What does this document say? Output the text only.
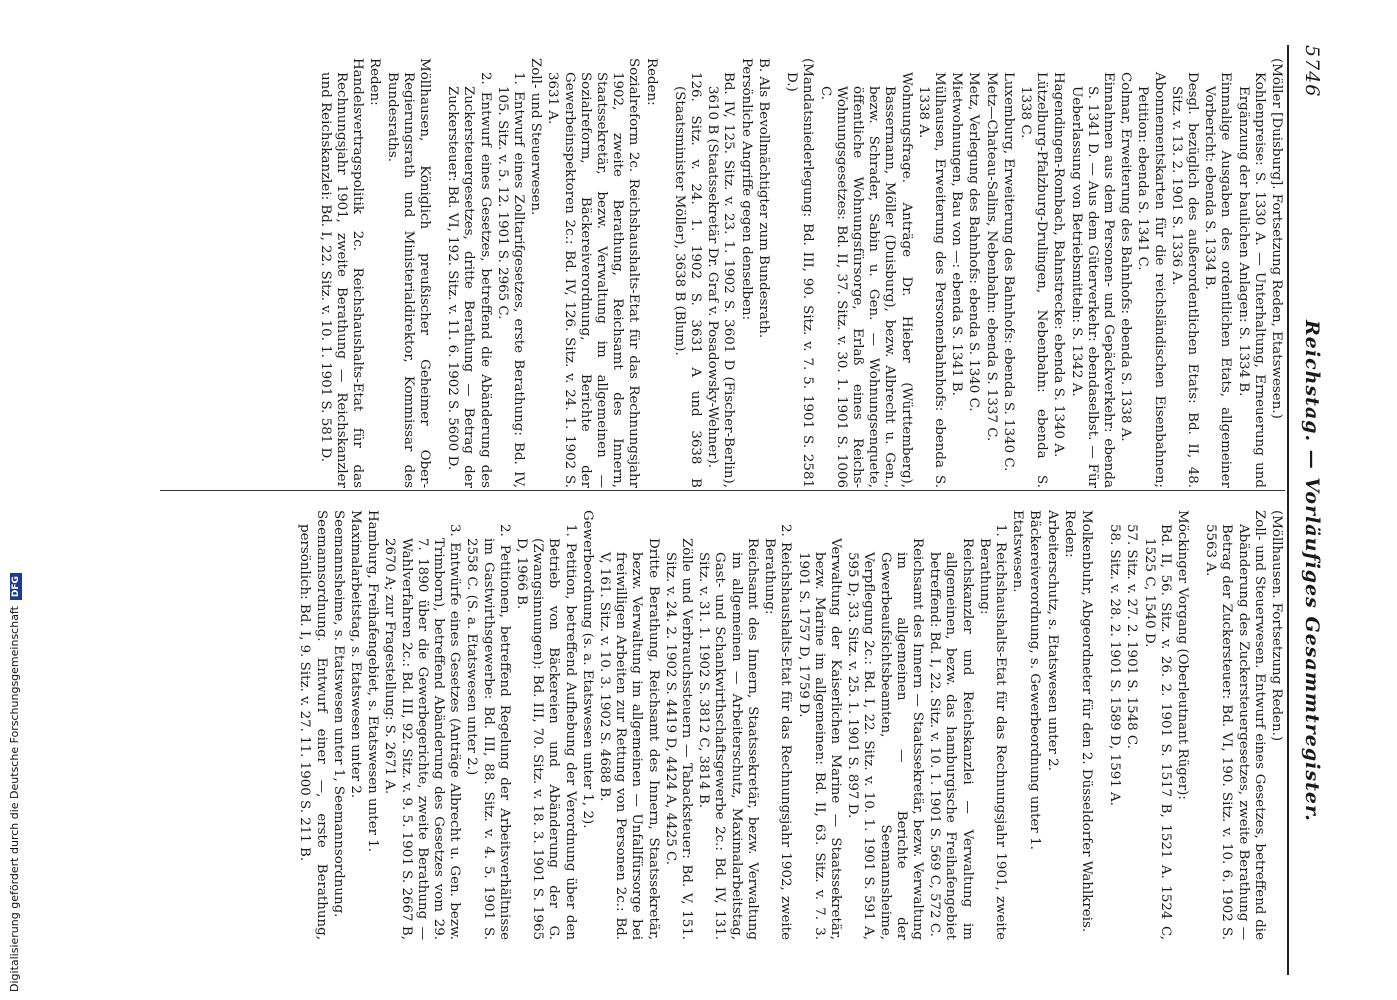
5746
Reichstag. — Vorläufiges Gesammtregister.

(Möller [Duisburg]. Fortsetzung Reden, Etatswesen.)

Kohlenpreise: S. 1330 A. — Unterhaltung, Erneuerung und Ergänzung der baulichen Anlagen: S. 1334 B.

Einmalige Ausgaben des ordentlichen Etats, allgemeiner Vorbericht: ebenda S. 1334 B.

Desgl. bezüglich des außerordentlichen Etats: Bd. II, 48. Sitz. v. 13. 2. 1901 S. 1336 A.

Abonnementskarten für die reichsländischen Eisenbahnen; Petition: ebenda S. 1341 C.

Colmar, Erweiterung des Bahnhofs: ebenda S. 1338 A.

Einnahmen aus dem Personen- und Gepäckverkehr: ebenda S. 1341 D. — Aus dem Güterverkehr: ebendaselbst. — Für Ueberlassung von Betriebsmitteln: S. 1342 A.

Hagendingen-Rombach, Bahnstrecke: ebenda S. 1340 A.

Lützelburg-Pfalzburg-Drulingen, Nebenbahn: ebenda S. 1338 C.

Luxemburg, Erweiterung des Bahnhofs: ebenda S. 1340 C.

Metz—Chateau-Salins, Nebenbahn: ebenda S. 1337 C.

Metz, Verlegung des Bahnhofs: ebenda S. 1340 C.

Mietwohnungen, Bau von —: ebenda S. 1341 B.

Mülhausen, Erweiterung des Personenbahnhofs: ebenda S. 1338 A.

Wohnungsfrage. Anträge Dr. Hieber (Württemberg), Bassermann, Möller (Duisburg), bezw. Albrecht u. Gen., bezw. Schrader, Sabin u. Gen. — Wohnungsenquete, öffentliche Wohnungsfürsorge, Erlaß eines Reichs-Wohnungsgesetzes: Bd. II, 37. Sitz. v. 30. 1. 1901 S. 1006 C.

(Mandatsniederlegung: Bd. III, 90. Sitz. v. 7. 5. 1901 S. 2581 D.)

B. Als Bevollmächtigter zum Bundesrath.

Persönliche Angriffe gegen denselben:

Bd. IV, 125. Sitz. v. 23. 1. 1902 S. 3601 D (Fischer-Berlin), 3610 B (Staatssekretär Dr. Graf v. Posadowsky-Wehner).

126. Sitz. v. 24. 1. 1902 S. 3631 A und 3638 B (Staatsminister Möller), 3638 B (Blum).

Reden:

Sozialreform 2c. Reichshaushalts-Etat für das Rechnungsjahr 1902, zweite Berathung, Reichsamt des Innern, Staatssekretär, bezw. Verwaltung im allgemeinen — Sozialreform, Bäckereiverordnung, Berichte der Gewerbeinspektoren 2c.: Bd. IV, 126. Sitz. v. 24. 1. 1902 S. 3631 A.

Zoll- und Steuerwesen.

1. Entwurf eines Zolltarifgesetzes, erste Berathung: Bd. IV, 105. Sitz. v. 5. 12. 1901 S. 2965 C.

2. Entwurf eines Gesetzes, betreffend die Abänderung des Zuckersteuergesetzes, dritte Berathung — Betrag der Zuckersteuer: Bd. VI, 192. Sitz. v. 11. 6. 1902 S. 5600 D.

Möllhausen, Königlich preußischer Geheimer Ober-Regierungsrath und Ministerialdirektor, Kommissar des Bundesraths.

Reden:

Handelsvertragspolitik 2c. Reichshaushalts-Etat für das Rechnungsjahr 1901, zweite Berathung — Reichskanzler und Reichskanzlei: Bd. I, 22. Sitz. v. 10. 1. 1901 S. 581 D.

(Möllhausen. Fortsetzung Reden.)

Zoll- und Steuerwesen. Entwurf eines Gesetzes, betreffend die Abänderung des Zuckersteuergesetzes, zweite Berathung — Betrag der Zuckersteuer: Bd. VI, 190. Sitz. v. 10. 6. 1902 S. 5563 A.

Möckinger Vorgang (Oberleutnant Rüger):

Bd. II, 56. Sitz. v. 26. 2. 1901 S. 1517 B, 1521 A. 1524 C, 1525 C, 1540 D.

57. Sitz. v. 27. 2. 1901 S. 1548 C.

58. Sitz. v. 28. 2. 1901 S. 1589 D, 1591 A.

Molkenbuhr, Abgeordneter für den 2. Düsseldorfer Wahlkreis.

Reden:

Arbeiterschutz, s. Etatswesen unter 2.

Bäckereiverordnung, s. Gewerbeordnung unter 1.

Etatswesen.

1. Reichshaushalts-Etat für das Rechnungsjahr 1901, zweite Berathung:

Reichskanzler und Reichskanzlei — Verwaltung im allgemeinen, bezw. das hamburgische Freihafengebiet betreffend: Bd. I, 22. Sitz. v. 10. 1. 1901 S. 569 C, 572 C.

Reichsamt des Innern — Staatssekretär, bezw. Verwaltung im allgemeinen — Berichte der Gewerbeaufsichtsbeamten, Seemannsheime, Verpflegung 2c.: Bd. I, 22. Sitz. v. 10. 1. 1901 S. 591 A, 595 D; 33. Sitz. v. 25. 1. 1901 S. 897 D.

Verwaltung der Kaiserlichen Marine — Staatssekretär, bezw. Marine im allgemeinen: Bd. II, 63. Sitz. v. 7. 3. 1901 S. 1757 D, 1759 D.

2. Reichshaushalts-Etat für das Rechnungsjahr 1902, zweite Berathung:

Reichsamt des Innern, Staatssekretär, bezw. Verwaltung im allgemeinen — Arbeiterschutz, Maximalarbeitstag, Gast- und Schankwirthschaftsgewerbe 2c.: Bd. IV, 131. Sitz. v. 31. 1. 1902 S. 3812 C, 3814 B.

Zölle und Verbrauchssteuern — Tabacksteuer: Bd. V, 151. Sitz. v. 24. 2. 1902 S. 4419 D, 4424 A, 4425 C.

Dritte Berathung, Reichsamt des Innern, Staatssekretär, bezw. Verwaltung im allgemeinen — Unfallfürsorge bei freiwilligen Arbeiten zur Rettung von Personen 2c.: Bd. V, 161. Sitz. v. 10. 3. 1902 S. 4688 B.

Gewerbeordnung (s. a. Etatswesen unter 1, 2).

1. Petition, betreffend Aufhebung der Verordnung über den Betrieb von Bäckereien und Abänderung der G. (Zwangsinnungen): Bd. III, 70. Sitz. v. 18. 3. 1901 S. 1965 D, 1966 B.

2. Petitionen, betreffend Regelung der Arbeitsverhältnisse im Gastwirthsgewerbe: Bd. III, 88. Sitz. v. 4. 5. 1901 S. 2558 C. (S. a. Etatswesen unter 2.)

3. Entwürfe eines Gesetzes (Anträge Albrecht u. Gen. bezw. Trimborn), betreffend Abänderung des Gesetzes vom 29. 7. 1890 über die Gewerbegerichte, zweite Berathung — Wahlverfahren 2c.: Bd. III, 92. Sitz. v. 9. 5. 1901 S. 2667 B, 2670 A; zur Fragestellung: S. 2671 A.

Hamburg, Freihafengebiet, s. Etatswesen unter 1.

Maximalarbeitstag, s. Etatswesen unter 2.

Seemannsheime, s. Etatswesen unter 1, Seemannsordnung.

Seemannsordnung. Entwurf einer —, erste Berathung, persönlich: Bd. I, 9. Sitz. v. 27. 11. 1900 S. 211 B.

Digitalisierung gefördert durch die Deutsche ForschungsgemeinschaftDFG
